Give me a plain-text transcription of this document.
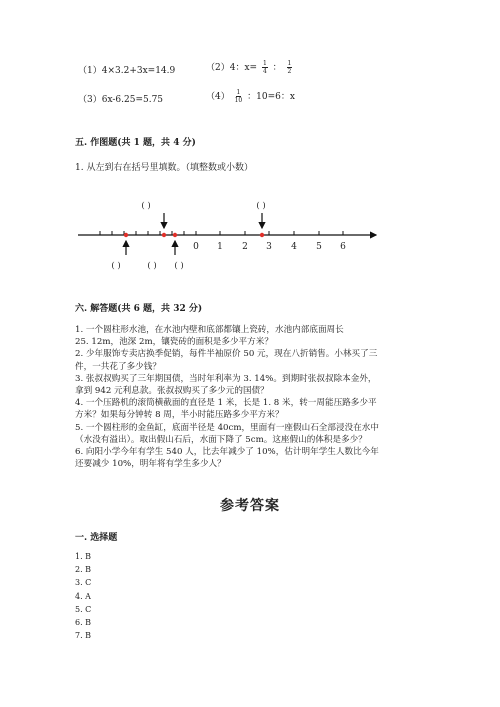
（1）4×3.2+3x=14.9	（2）4：$x= \frac{1}{4}$ ： $\frac{1}{2}$
（3）6x-6.25=5.75	$(4) \frac{1}{10}$ ：10=6：x
五. 作图题(共 1 题，共 4 分)
1. 从左到右在括号里填数。（填整数或小数）
( )	( )
0 1 2 3 4 5 6
( )	( ) ( )
六. 解答题(共 6 题，共 32 分)
1. 一个圆柱形水池，在水池内壁和底部都镶上瓷砖，水池内部底面周长
25. 12m，池深 2m，镶瓷砖的面积是多少平方米？
2. 少年服饰专卖店换季促销，每件半袖原价 50 元，现在八折销售。小林买了三
件，一共花了多少钱？
3. 张叔叔购买了三年期国债，当时年利率为 3. 14%。到期时张叔叔除本金外，
拿到 942 元利息款。张叔叔购买了多少元的国债？
4. 一个压路机的滚筒横截面的直径是 1 米，长是 1. 8 米，转一周能压路多少平
方米？如果每分钟转 8 周，半小时能压路多少平方米？
5. 一个圆柱形的金鱼缸，底面半径是 40cm，里面有一座假山石全部浸没在水中
（水没有溢出）。取出假山石后，水面下降了 5cm。这座假山的体积是多少？
6. 向阳小学今年有学生 540 人，比去年减少了 10%，估计明年学生人数比今年
还要减少 10%，明年将有学生多少人？
参考答案
一. 选择题
1. B
2. B
3. C
4. A
5. C
6. B
7. B
